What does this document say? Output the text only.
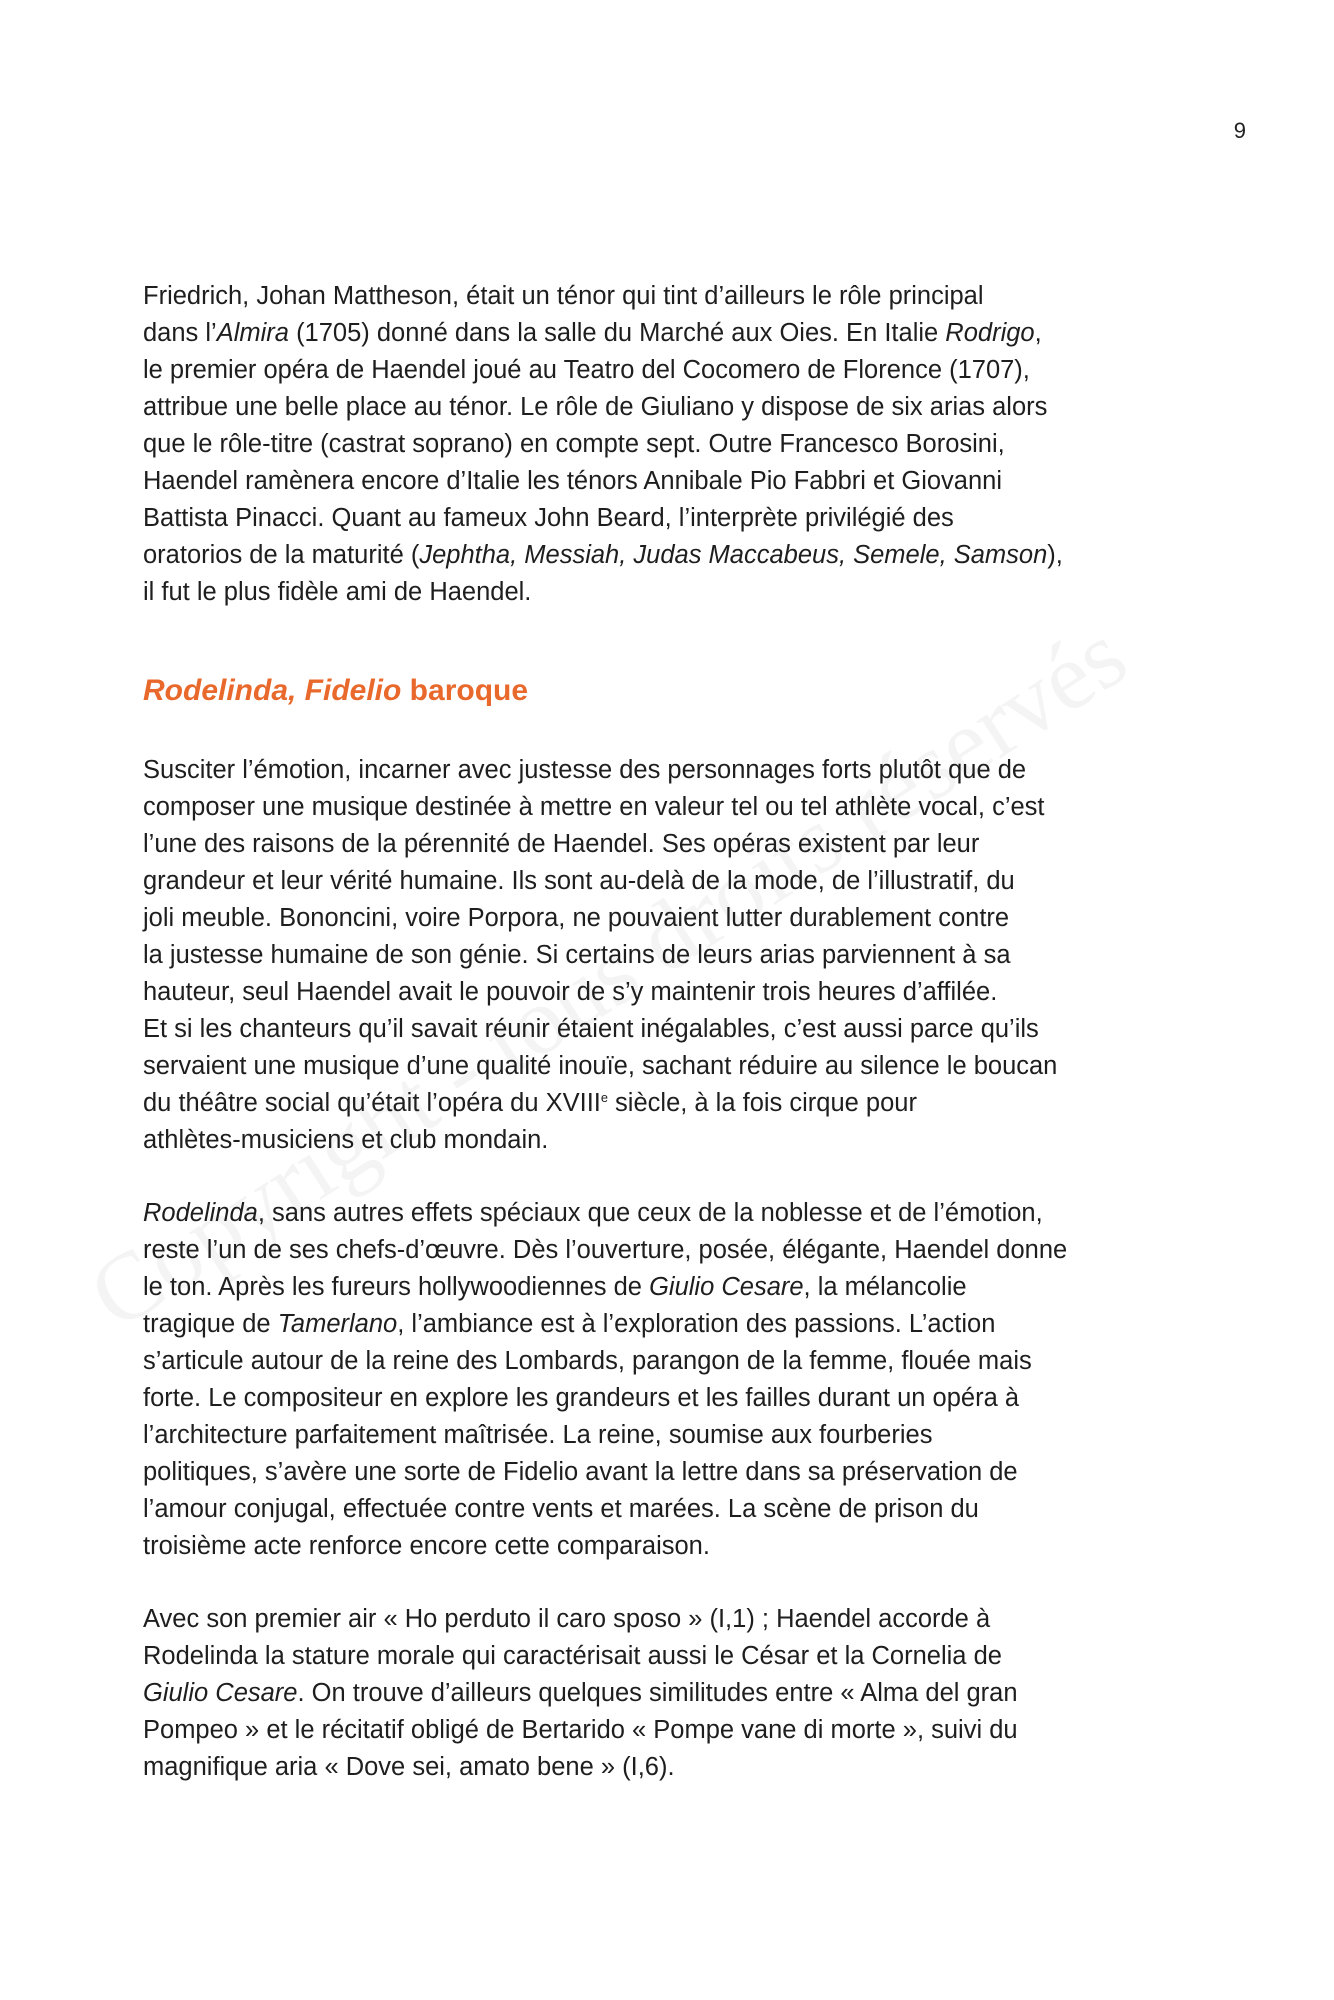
9
Friedrich, Johan Mattheson, était un ténor qui tint d’ailleurs le rôle principal
dans l’Almira (1705) donné dans la salle du Marché aux Oies. En Italie Rodrigo,
le premier opéra de Haendel joué au Teatro del Cocomero de Florence (1707),
attribue une belle place au ténor. Le rôle de Giuliano y dispose de six arias alors
que le rôle-titre (castrat soprano) en compte sept. Outre Francesco Borosini,
Haendel ramènera encore d’Italie les ténors Annibale Pio Fabbri et Giovanni
Battista Pinacci. Quant au fameux John Beard, l’interprète privilégié des
oratorios de la maturité (Jephtha, Messiah, Judas Maccabeus, Semele, Samson),
il fut le plus fidèle ami de Haendel.
Rodelinda, Fidelio baroque
Susciter l’émotion, incarner avec justesse des personnages forts plutôt que de
composer une musique destinée à mettre en valeur tel ou tel athlète vocal, c’est
l’une des raisons de la pérennité de Haendel. Ses opéras existent par leur
grandeur et leur vérité humaine. Ils sont au-delà de la mode, de l’illustratif, du
joli meuble. Bononcini, voire Porpora, ne pouvaient lutter durablement contre
la justesse humaine de son génie. Si certains de leurs arias parviennent à sa
hauteur, seul Haendel avait le pouvoir de s’y maintenir trois heures d’affilée.
Et si les chanteurs qu’il savait réunir étaient inégalables, c’est aussi parce qu’ils
servaient une musique d’une qualité inouïe, sachant réduire au silence le boucan
du théâtre social qu’était l’opéra du XVIIIe siècle, à la fois cirque pour
athlètes-musiciens et club mondain.
Rodelinda, sans autres effets spéciaux que ceux de la noblesse et de l’émotion,
reste l’un de ses chefs-d’œuvre. Dès l’ouverture, posée, élégante, Haendel donne
le ton. Après les fureurs hollywoodiennes de Giulio Cesare, la mélancolie
tragique de Tamerlano, l’ambiance est à l’exploration des passions. L’action
s’articule autour de la reine des Lombards, parangon de la femme, flouée mais
forte. Le compositeur en explore les grandeurs et les failles durant un opéra à
l’architecture parfaitement maîtrisée. La reine, soumise aux fourberies
politiques, s’avère une sorte de Fidelio avant la lettre dans sa préservation de
l’amour conjugal, effectuée contre vents et marées. La scène de prison du
troisième acte renforce encore cette comparaison.
Avec son premier air « Ho perduto il caro sposo » (I,1) ; Haendel accorde à
Rodelinda la stature morale qui caractérisait aussi le César et la Cornelia de
Giulio Cesare. On trouve d’ailleurs quelques similitudes entre « Alma del gran
Pompeo » et le récitatif obligé de Bertarido « Pompe vane di morte », suivi du
magnifique aria « Dove sei, amato bene » (I,6).
